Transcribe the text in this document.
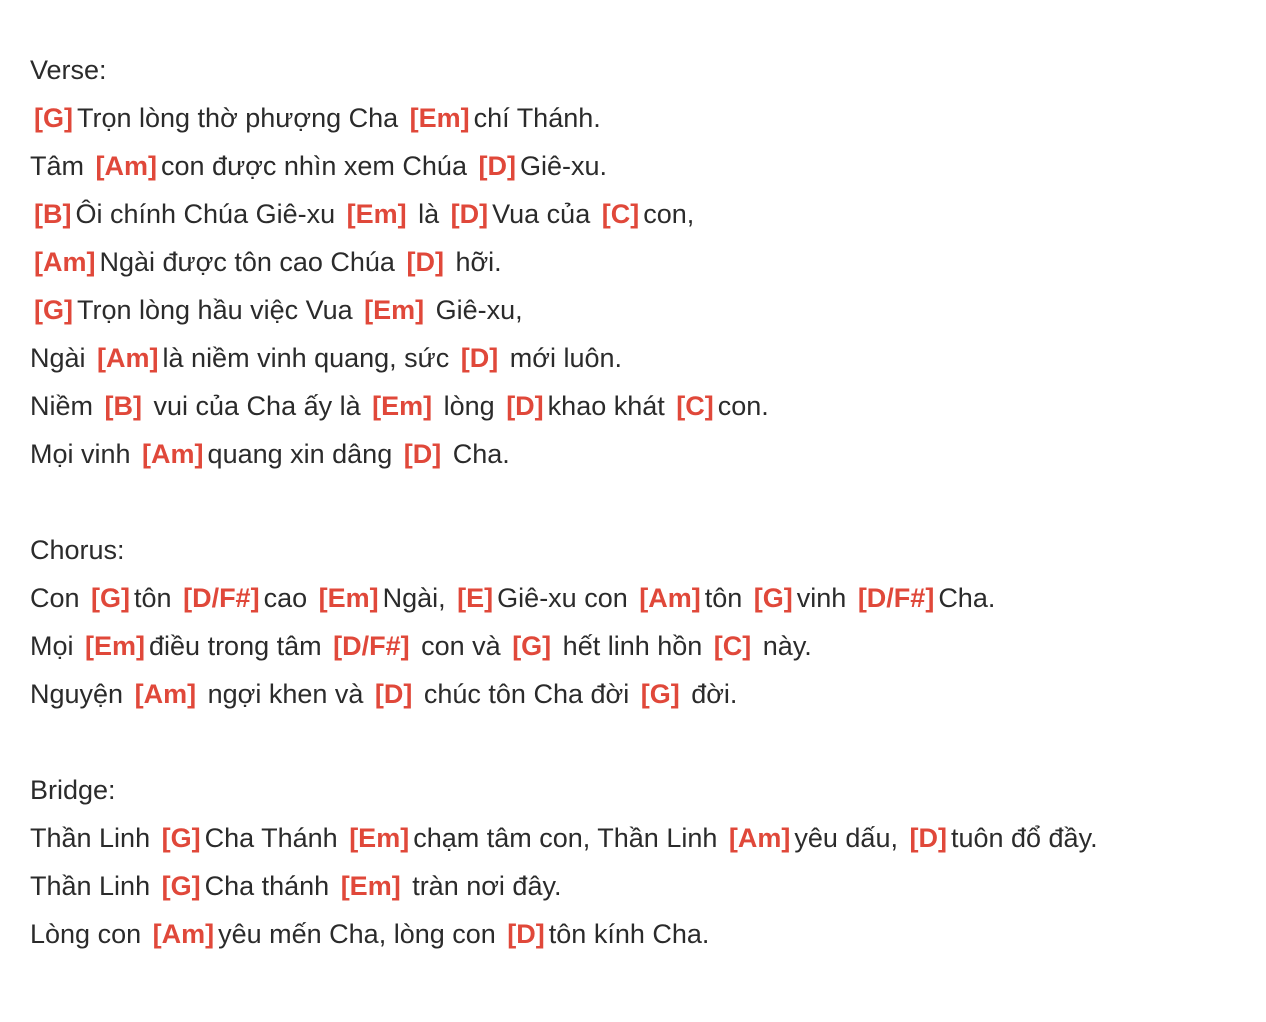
Verse:
[G] Trọn lòng thờ phượng Cha [Em] chí Thánh.
Tâm [Am] con được nhìn xem Chúa [D] Giê-xu.
[B] Ôi chính Chúa Giê-xu [Em] là [D] Vua của [C] con,
[Am] Ngài được tôn cao Chúa [D] hỡi.
[G] Trọn lòng hầu việc Vua [Em] Giê-xu,
Ngài [Am] là niềm vinh quang, sức [D] mới luôn.
Niềm [B] vui của Cha ấy là [Em] lòng [D] khao khát [C] con.
Mọi vinh [Am] quang xin dâng [D] Cha.
Chorus:
Con [G] tôn [D/F#] cao [Em] Ngài, [E] Giê-xu con [Am] tôn [G] vinh [D/F#] Cha.
Mọi [Em] điều trong tâm [D/F#] con và [G] hết linh hồn [C] này.
Nguyện [Am] ngợi khen và [D] chúc tôn Cha đời [G] đời.
Bridge:
Thần Linh [G] Cha Thánh [Em] chạm tâm con, Thần Linh [Am] yêu dấu, [D] tuôn đổ đầy.
Thần Linh [G] Cha thánh [Em] tràn nơi đây.
Lòng con [Am] yêu mến Cha, lòng con [D] tôn kính Cha.
